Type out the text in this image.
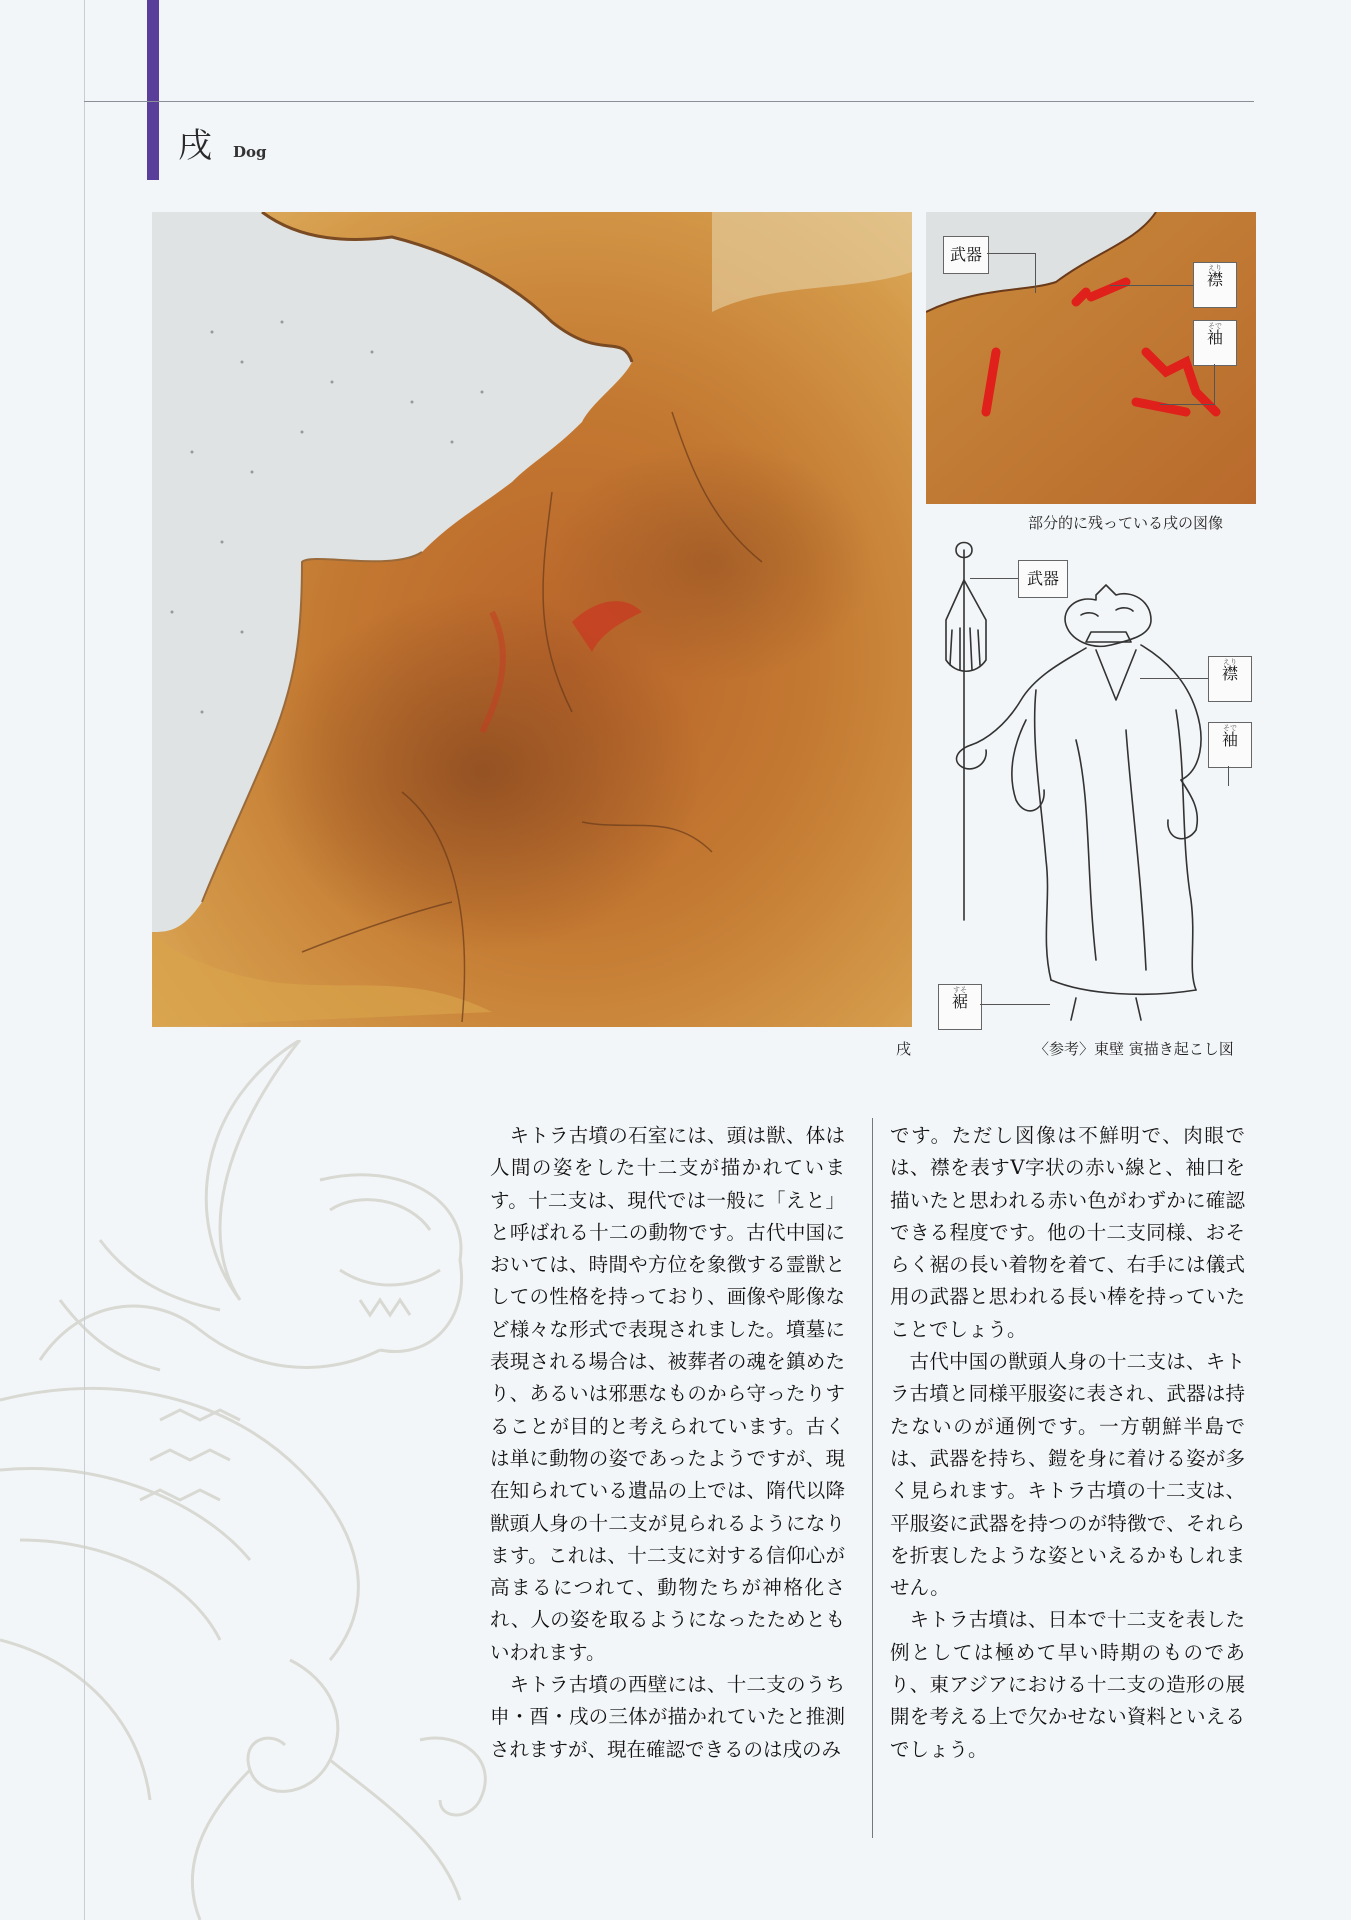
戌 Dog
武器
えり
襟
そで
袖
部分的に残っている戌の図像
武器
えり
襟
そで
袖
すそ
裾
戌	〈参考〉東壁 寅描き起こし図

キトラ古墳の石室には、頭は獣、体は人間の姿をした十二支が描かれています。十二支は、現代では一般に「えと」と呼ばれる十二の動物です。古代中国においては、時間や方位を象徴する霊獣としての性格を持っており、画像や彫像など様々な形式で表現されました。墳墓に表現される場合は、被葬者の魂を鎮めたり、あるいは邪悪なものから守ったりすることが目的と考えられています。古くは単に動物の姿であったようですが、現在知られている遺品の上では、隋代以降獣頭人身の十二支が見られるようになります。これは、十二支に対する信仰心が高まるにつれて、動物たちが神格化され、人の姿を取るようになったためともいわれます。

キトラ古墳の西壁には、十二支のうち申・酉・戌の三体が描かれていたと推測されますが、現在確認できるのは戌のみ

です。ただし図像は不鮮明で、肉眼では、襟を表すV字状の赤い線と、袖口を描いたと思われる赤い色がわずかに確認できる程度です。他の十二支同様、おそらく裾の長い着物を着て、右手には儀式用の武器と思われる長い棒を持っていたことでしょう。

古代中国の獣頭人身の十二支は、キトラ古墳と同様平服姿に表され、武器は持たないのが通例です。一方朝鮮半島では、武器を持ち、鎧を身に着ける姿が多く見られます。キトラ古墳の十二支は、平服姿に武器を持つのが特徴で、それらを折衷したような姿といえるかもしれません。

キトラ古墳は、日本で十二支を表した例としては極めて早い時期のものであり、東アジアにおける十二支の造形の展開を考える上で欠かせない資料といえるでしょう。
